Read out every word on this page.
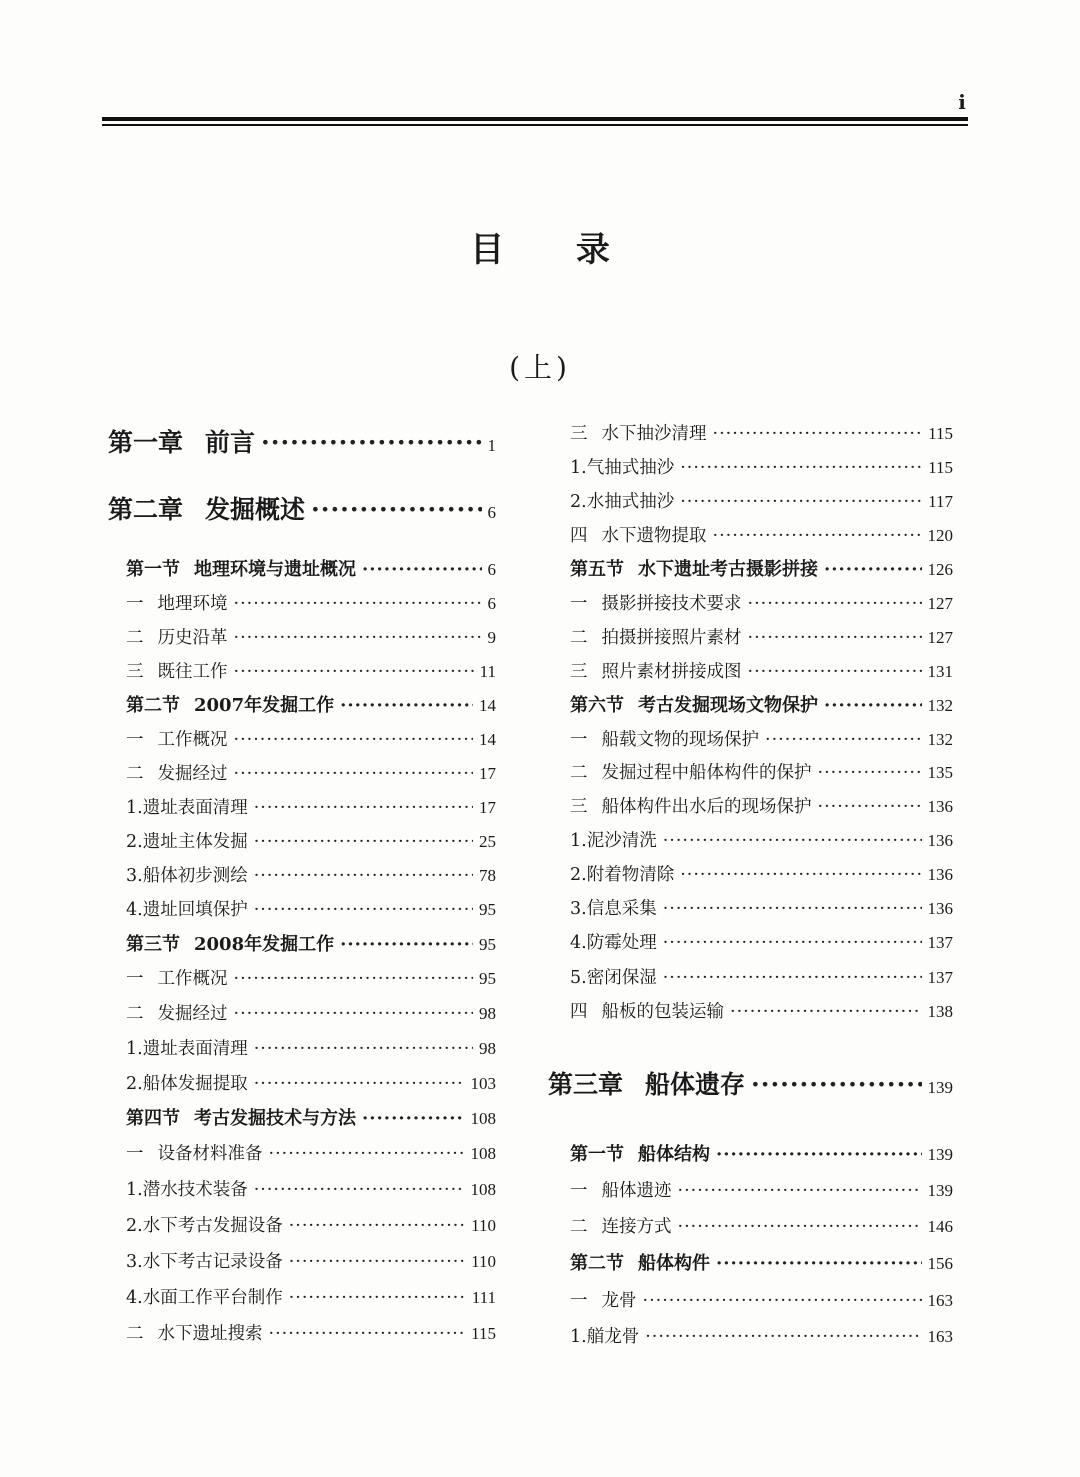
i
目 录
(上)
第一章 前言 ·····	1
第二章 发掘概述 ·····	6
第一节 地理环境与遗址概况 ·····	6
一 地理环境 ·····	6
二 历史沿革 ·····	9
三 既往工作 ·····	11
第二节 2007年发掘工作 ·····	14
一 工作概况 ·····	14
二 发掘经过 ·····	17
1.遗址表面清理 ·····	17
2.遗址主体发掘 ·····	25
3.船体初步测绘 ·····	78
4.遗址回填保护 ·····	95
第三节 2008年发掘工作 ·····	95
一 工作概况 ·····	95
二 发掘经过 ·····	98
1.遗址表面清理 ·····	98
2.船体发掘提取 ·····	103
第四节 考古发掘技术与方法 ·····	108
一 设备材料准备 ·····	108
1.潜水技术装备 ·····	108
2.水下考古发掘设备 ·····	110
3.水下考古记录设备 ·····	110
4.水面工作平台制作 ·····	111
二 水下遗址搜索 ·····	115
三 水下抽沙清理 ·····	115
1.气抽式抽沙 ·····	115
2.水抽式抽沙 ·····	117
四 水下遗物提取 ·····	120
第五节 水下遗址考古摄影拼接 ·····	126
一 摄影拼接技术要求 ·····	127
二 拍摄拼接照片素材 ·····	127
三 照片素材拼接成图 ·····	131
第六节 考古发掘现场文物保护 ·····	132
一 船载文物的现场保护 ·····	132
二 发掘过程中船体构件的保护 ·····	135
三 船体构件出水后的现场保护 ·····	136
1.泥沙清洗 ·····	136
2.附着物清除 ·····	136
3.信息采集 ·····	136
4.防霉处理 ·····	137
5.密闭保湿 ·····	137
四 船板的包装运输 ·····	138
第三章 船体遗存 ·····	139
第一节 船体结构 ·····	139
一 船体遗迹 ·····	139
二 连接方式 ·····	146
第二节 船体构件 ·····	156
一 龙骨 ·····	163
1.艏龙骨 ·····	163
